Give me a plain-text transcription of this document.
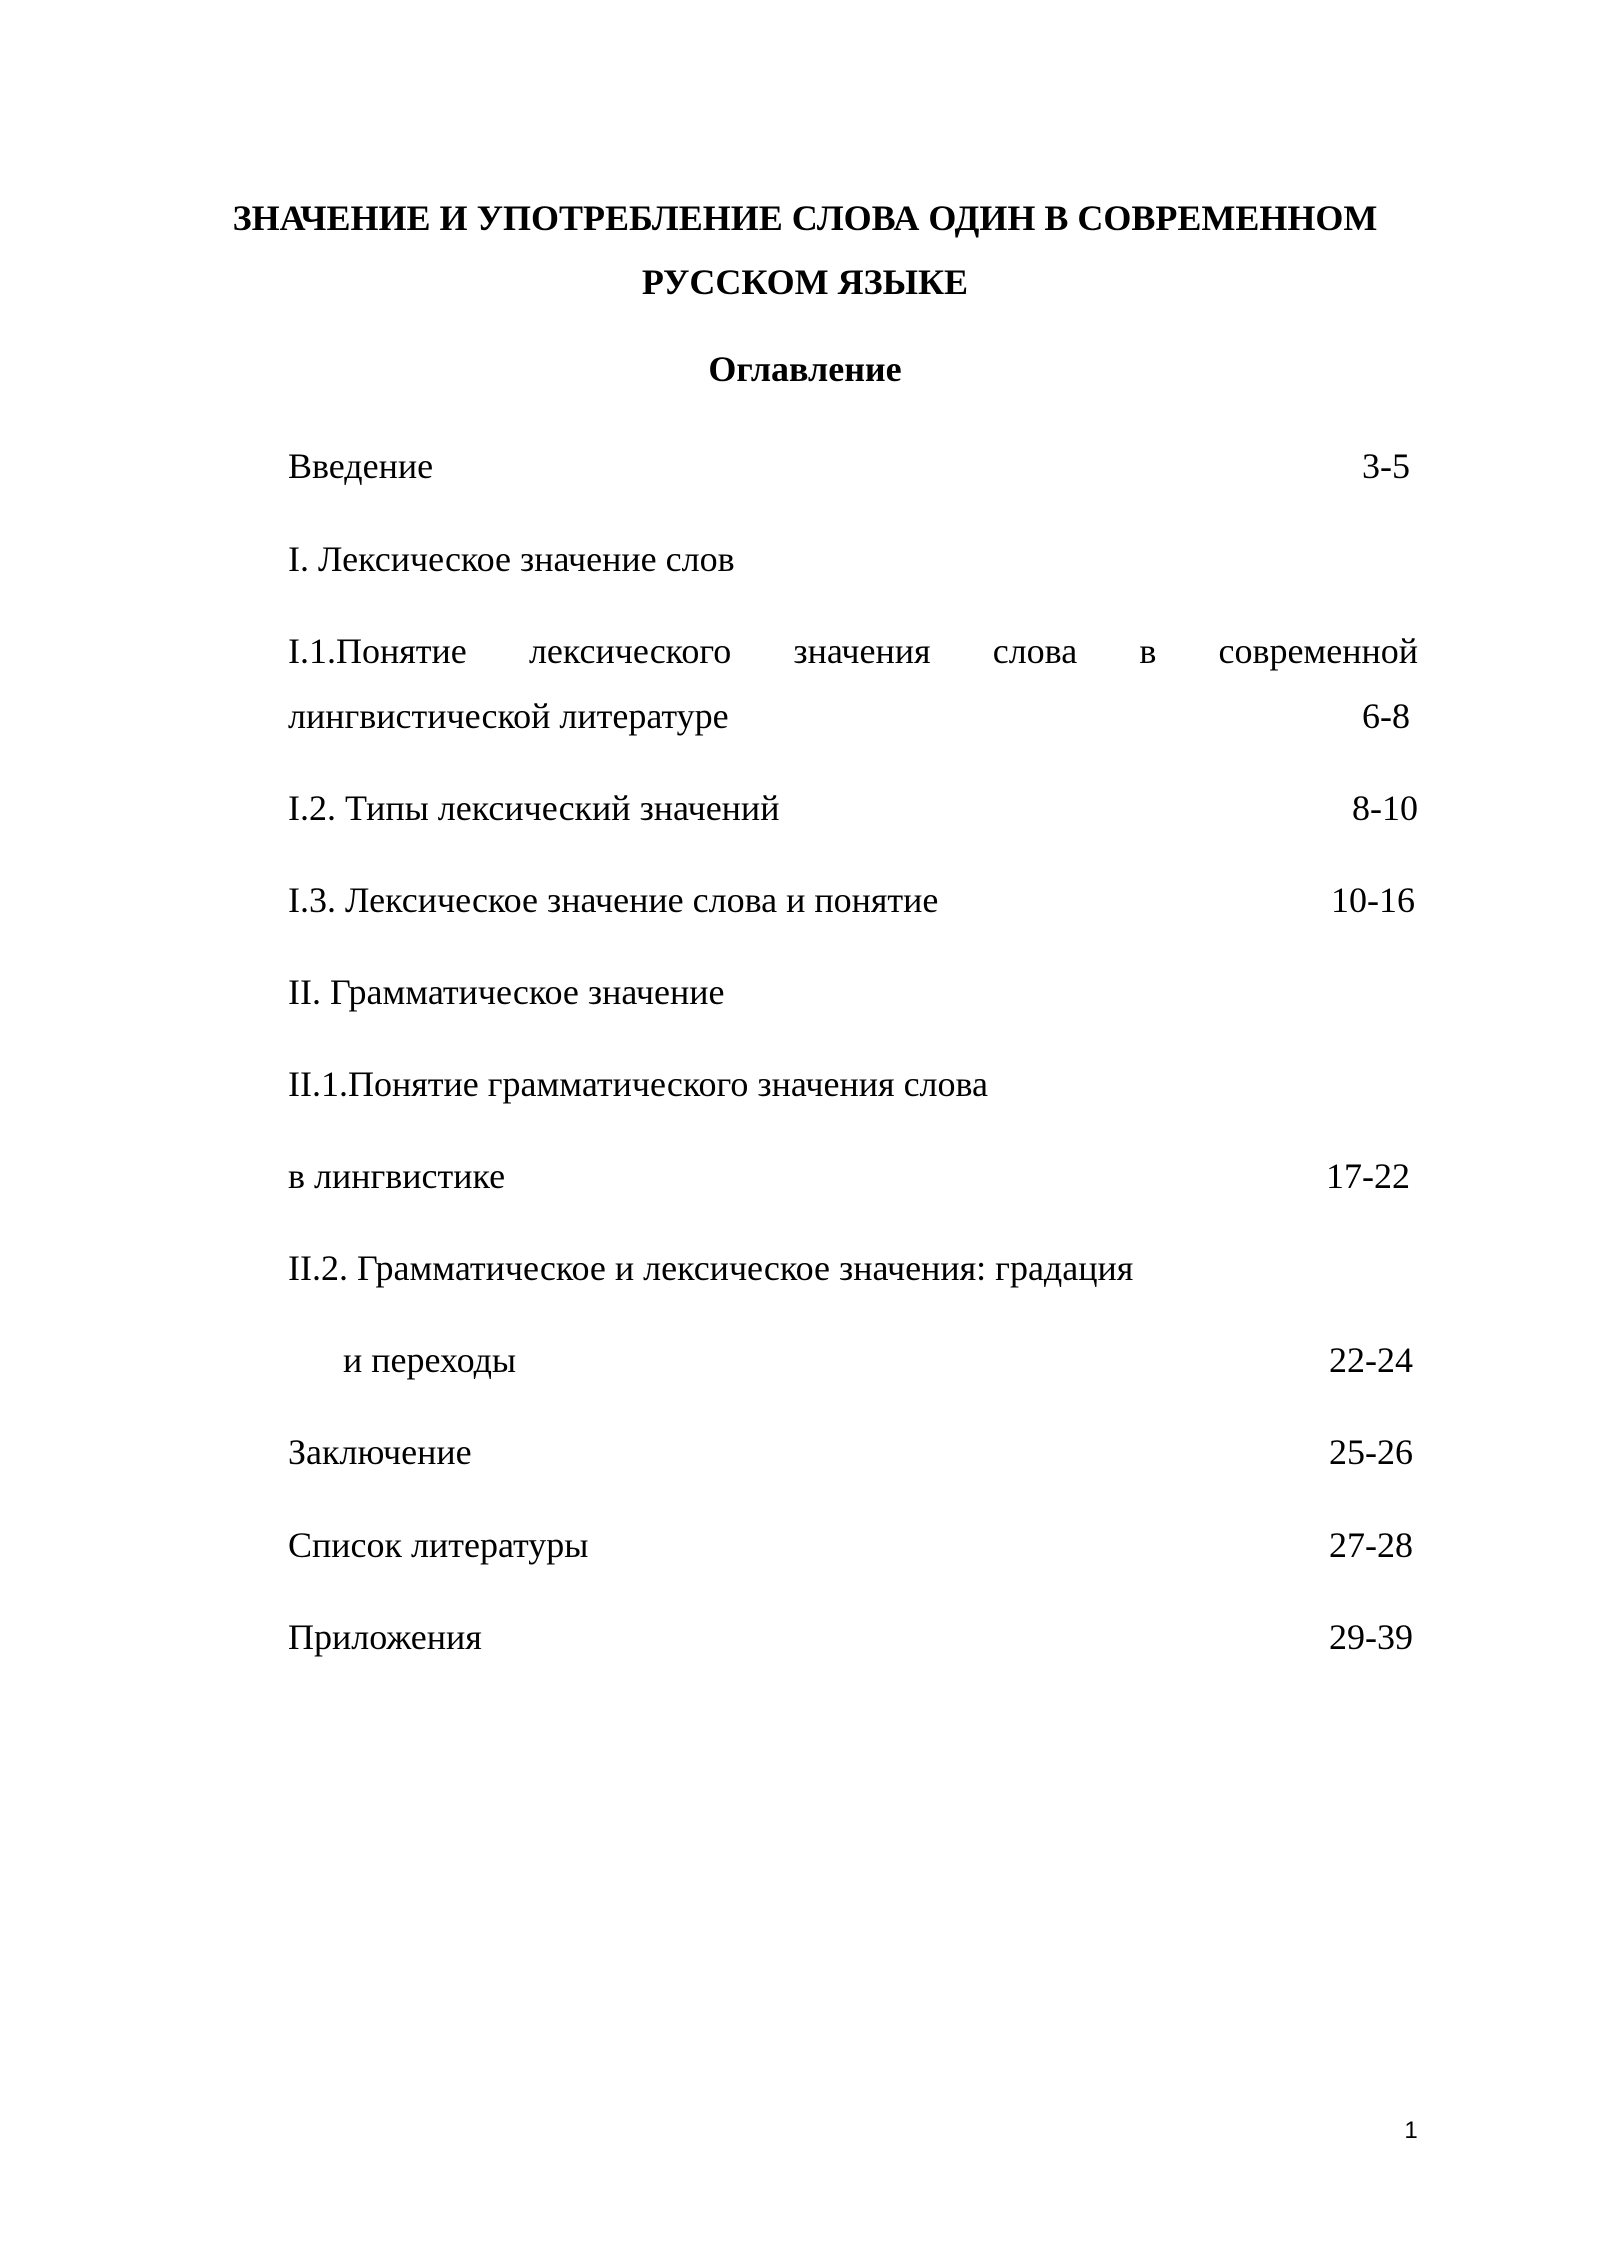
ЗНАЧЕНИЕ И УПОТРЕБЛЕНИЕ СЛОВА ОДИН В СОВРЕМЕННОМ РУССКОМ ЯЗЫКЕ
Оглавление
Введение	3-5
I. Лексическое значение слов
I.1.Понятие лексического значения слова в современной
лингвистической литературе	6-8
I.2. Типы лексический значений	8-10
I.3. Лексическое значение слова и понятие	10-16
II. Грамматическое значение
II.1.Понятие грамматического значения слова
в лингвистике	17-22
II.2. Грамматическое и лексическое значения: градация
и переходы	22-24
Заключение	25-26
Список литературы	27-28
Приложения	29-39
1
